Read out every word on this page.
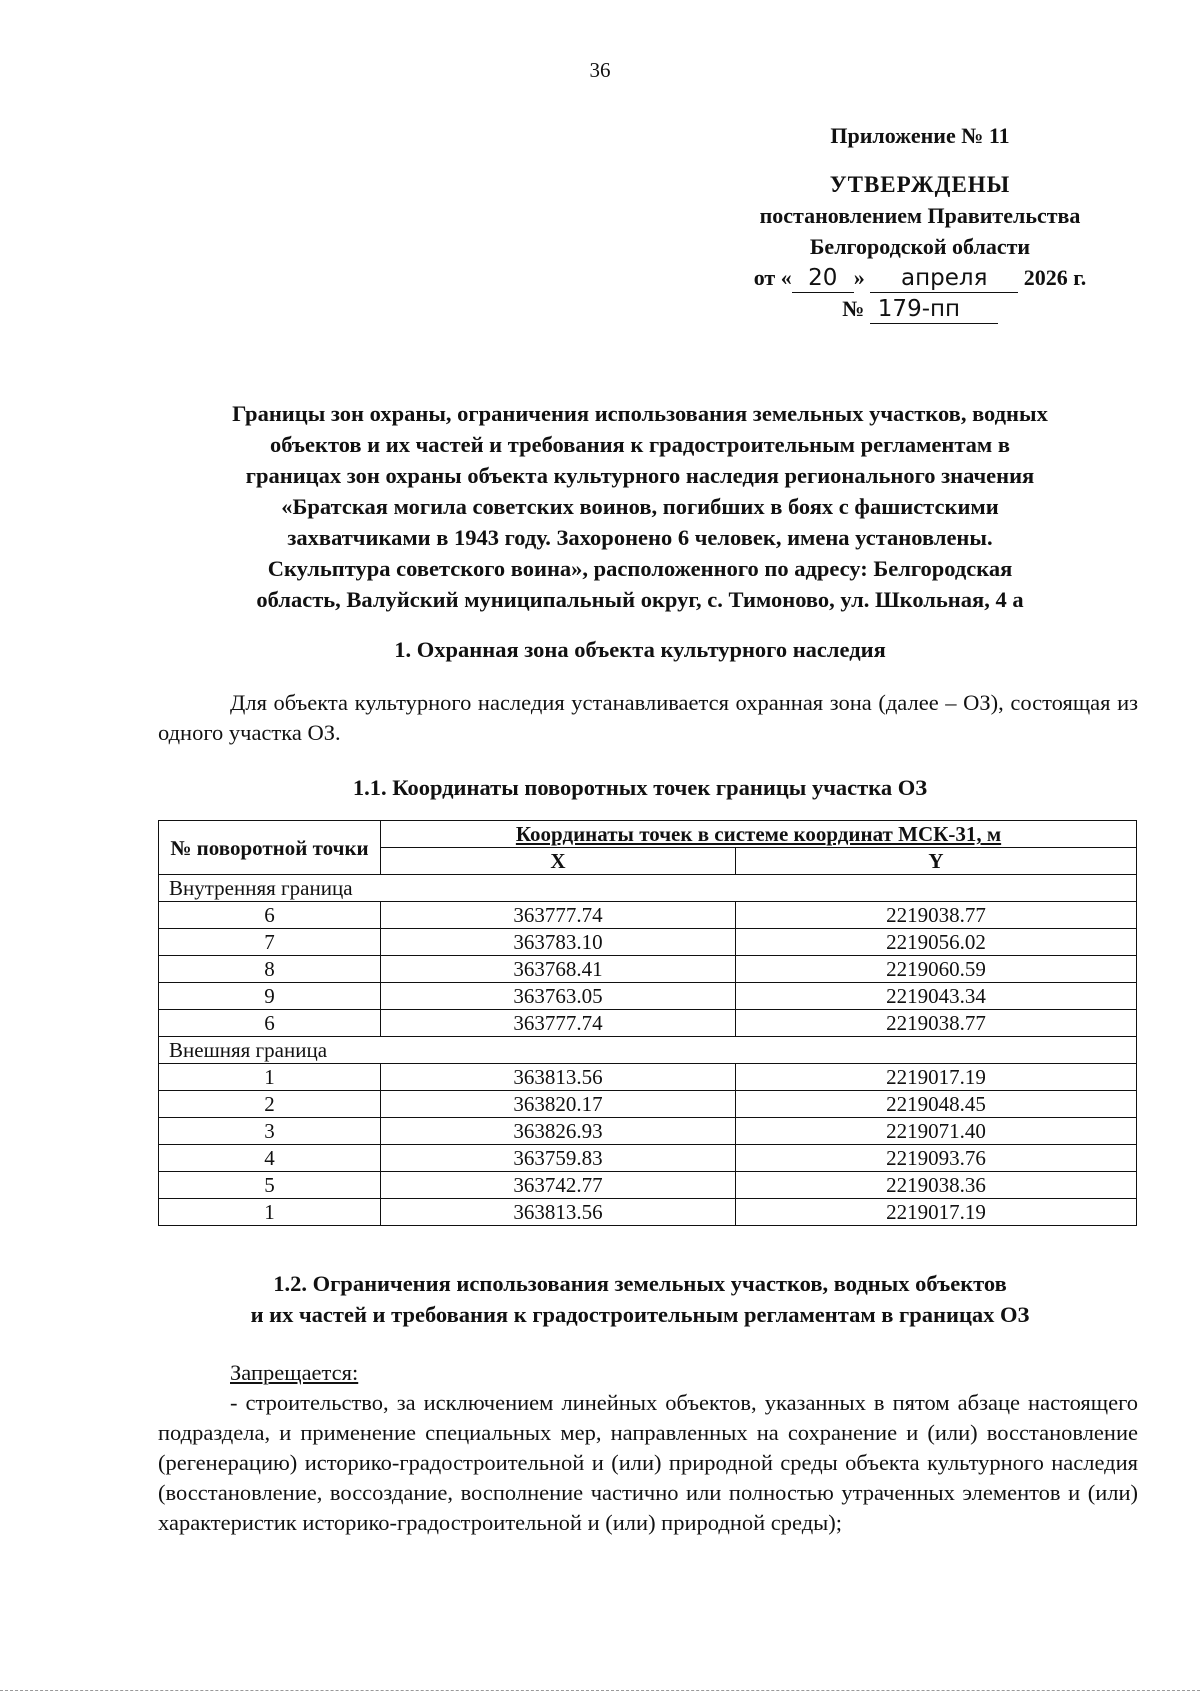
36
Приложение № 11
УТВЕРЖДЕНЫ
постановлением Правительства
Белгородской области
от « 20 » апреля 2026 г.
№ 179-пп
Границы зон охраны, ограничения использования земельных участков, водных
объектов и их частей и требования к градостроительным регламентам в
границах зон охраны объекта культурного наследия регионального значения
«Братская могила советских воинов, погибших в боях с фашистскими
захватчиками в 1943 году. Захоронено 6 человек, имена установлены.
Скульптура советского воина», расположенного по адресу: Белгородская
область, Валуйский муниципальный округ, с. Тимоново, ул. Школьная, 4 а
1. Охранная зона объекта культурного наследия
Для объекта культурного наследия устанавливается охранная зона (далее – ОЗ), состоящая из одного участка ОЗ.
1.1. Координаты поворотных точек границы участка ОЗ
№ поворотной точки	Координаты точек в системе координат МСК-31, м	
	X	Y
Внутренняя граница		
6	363777.74	2219038.77
7	363783.10	2219056.02
8	363768.41	2219060.59
9	363763.05	2219043.34
6	363777.74	2219038.77
Внешняя граница		
1	363813.56	2219017.19
2	363820.17	2219048.45
3	363826.93	2219071.40
4	363759.83	2219093.76
5	363742.77	2219038.36
1	363813.56	2219017.19
1.2. Ограничения использования земельных участков, водных объектов
и их частей и требования к градостроительным регламентам в границах ОЗ
Запрещается:
- строительство, за исключением линейных объектов, указанных в пятом абзаце настоящего подраздела, и применение специальных мер, направленных на сохранение и (или) восстановление (регенерацию) историко-градостроительной и (или) природной среды объекта культурного наследия (восстановление, воссоздание, восполнение частично или полностью утраченных элементов и (или) характеристик историко-градостроительной и (или) природной среды);
